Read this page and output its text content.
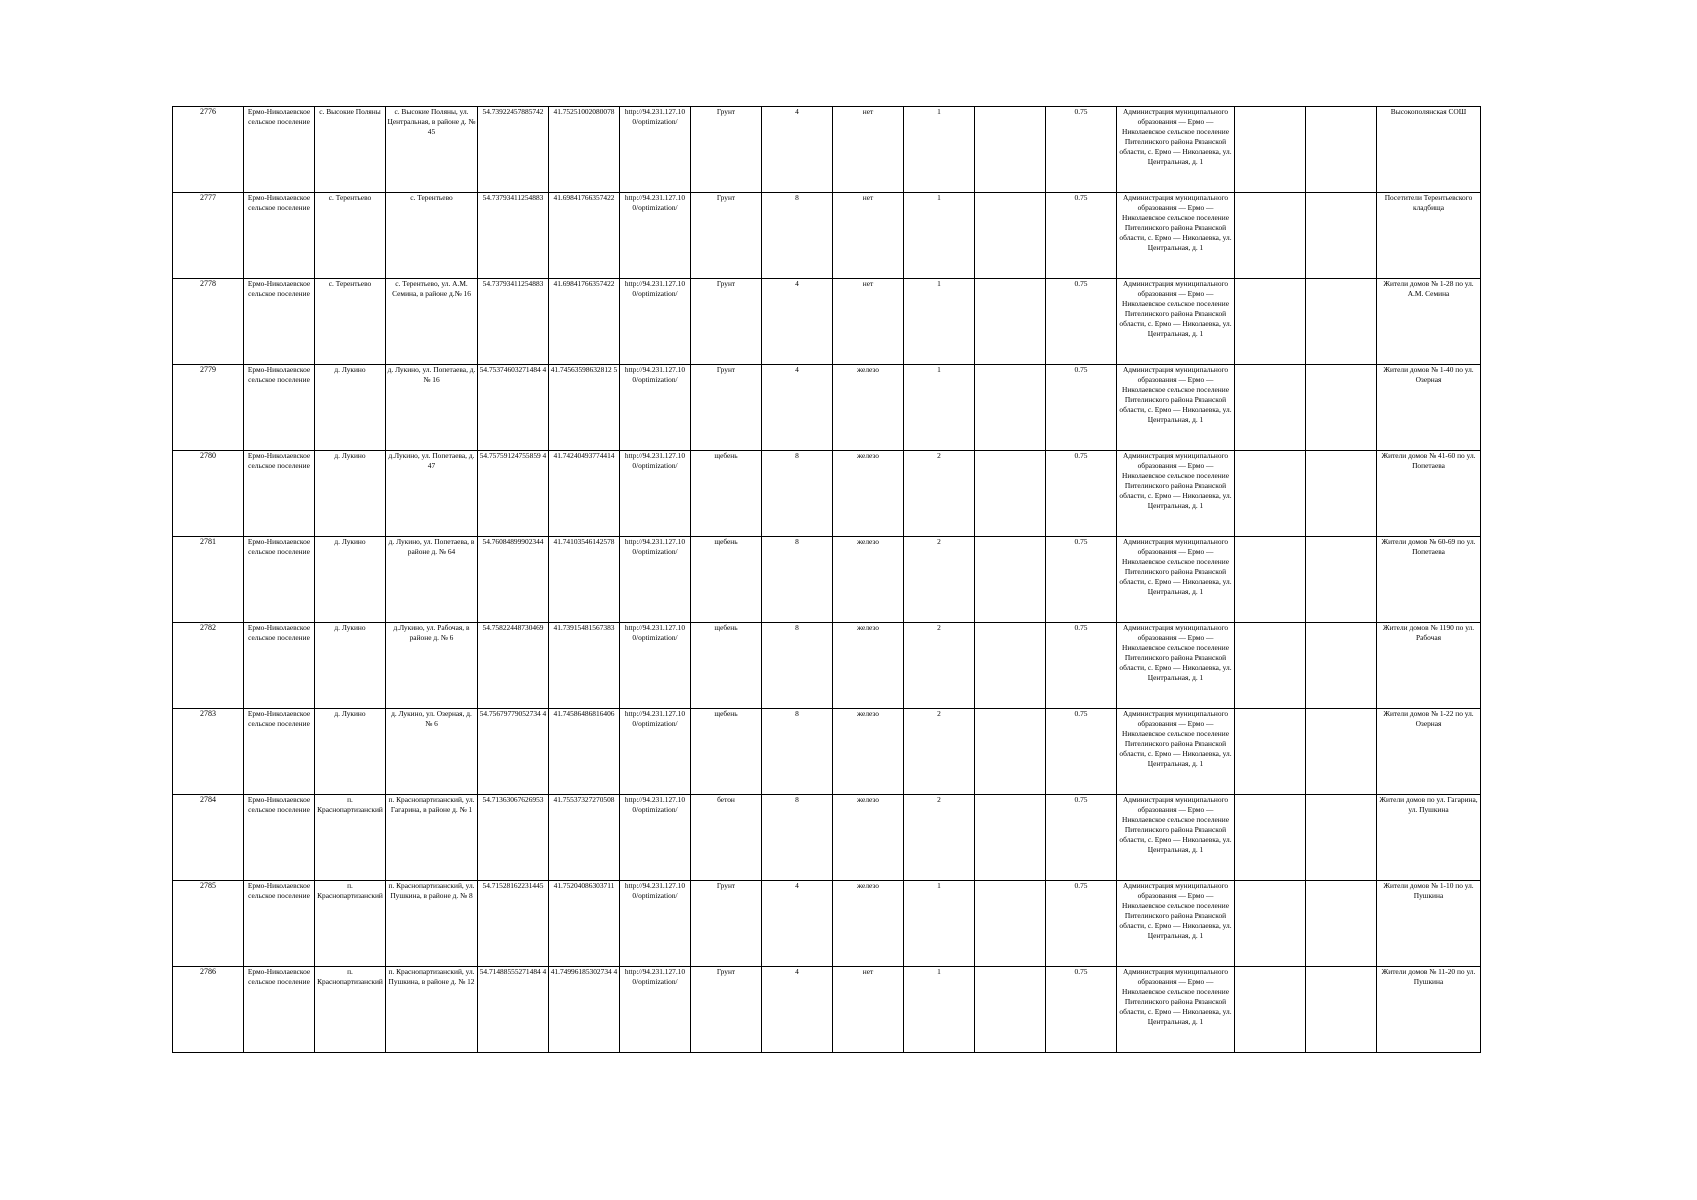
2776	Ермо-Николаевское сельское поселение	с. Высокие Поляны	с. Высокие Поляны, ул. Центральная, в районе д. № 45	54.73922457885742	41.75251002080078	http://94.231.127.10 0/optimization/	Грунт	4	нет	1		0.75	Администрация муниципального образования — Ермо — Николаевское сельское поселение Пителинского района Рязанской области, с. Ермо — Николаевка, ул. Центральная, д. 1			Высокополянская СОШ
2777	Ермо-Николаевское сельское поселение	с. Терентьево	с. Терентьево	54.73793411254883	41.69841766357422	http://94.231.127.10 0/optimization/	Грунт	8	нет	1		0.75	Администрация муниципального образования — Ермо — Николаевское сельское поселение Пителинского района Рязанской области, с. Ермо — Николаевка, ул. Центральная, д. 1			Посетители Терентьевского кладбища
2778	Ермо-Николаевское сельское поселение	с. Терентьево	с. Терентьево, ул. А.М. Семина, в районе д.№ 16	54.73793411254883	41.69841766357422	http://94.231.127.10 0/optimization/	Грунт	4	нет	1		0.75	Администрация муниципального образования — Ермо — Николаевское сельское поселение Пителинского района Рязанской области, с. Ермо — Николаевка, ул. Центральная, д. 1			Жители домов № 1-28 по ул. А.М. Семина
2779	Ермо-Николаевское сельское поселение	д. Лукино	д. Лукино, ул. Попетаева, д. № 16	54.75374603271484 4	41.74563598632812 5	http://94.231.127.10 0/optimization/	Грунт	4	железо	1		0.75	Администрация муниципального образования — Ермо — Николаевское сельское поселение Пителинского района Рязанской области, с. Ермо — Николаевка, ул. Центральная, д. 1			Жители домов № 1-40 по ул. Озерная
2780	Ермо-Николаевское сельское поселение	д. Лукино	д.Лукино, ул. Попетаева, д. 47	54.75759124755859 4	41.74240493774414	http://94.231.127.10 0/optimization/	щебень	8	железо	2		0.75	Администрация муниципального образования — Ермо — Николаевское сельское поселение Пителинского района Рязанской области, с. Ермо — Николаевка, ул. Центральная, д. 1			Жители домов № 41-60 по ул. Попетаева
2781	Ермо-Николаевское сельское поселение	д. Лукино	д. Лукино, ул. Попетаева, в районе д. № 64	54.76084899902344	41.74103546142578	http://94.231.127.10 0/optimization/	щебень	8	железо	2		0.75	Администрация муниципального образования — Ермо — Николаевское сельское поселение Пителинского района Рязанской области, с. Ермо — Николаевка, ул. Центральная, д. 1			Жители домов № 60-69 по ул. Попетаева
2782	Ермо-Николаевское сельское поселение	д. Лукино	д.Лукино, ул. Рабочая, в районе д. № 6	54.75822448730469	41.73915481567383	http://94.231.127.10 0/optimization/	щебень	8	железо	2		0.75	Администрация муниципального образования — Ермо — Николаевское сельское поселение Пителинского района Рязанской области, с. Ермо — Николаевка, ул. Центральная, д. 1			Жители домов № 1190 по ул. Рабочая
2783	Ермо-Николаевское сельское поселение	д. Лукино	д. Лукино, ул. Озерная, д. № 6	54.75679779052734 4	41.74586486816406	http://94.231.127.10 0/optimization/	щебень	8	железо	2		0.75	Администрация муниципального образования — Ермо — Николаевское сельское поселение Пителинского района Рязанской области, с. Ермо — Николаевка, ул. Центральная, д. 1			Жители домов № 1-22 по ул. Озерная
2784	Ермо-Николаевское сельское поселение	п. Краснопартизанский	п. Краснопартизанский, ул. Гагарина, в районе д. № 1	54.71363067626953	41.75537327270508	http://94.231.127.10 0/optimization/	бетон	8	железо	2		0.75	Администрация муниципального образования — Ермо — Николаевское сельское поселение Пителинского района Рязанской области, с. Ермо — Николаевка, ул. Центральная, д. 1			Жители домов по ул. Гагарина, ул. Пушкина
2785	Ермо-Николаевское сельское поселение	п. Краснопартизанский	п. Краснопартизанский, ул. Пушкина, в районе д. № 8	54.71528162231445	41.75204086303711	http://94.231.127.10 0/optimization/	Грунт	4	железо	1		0.75	Администрация муниципального образования — Ермо — Николаевское сельское поселение Пителинского района Рязанской области, с. Ермо — Николаевка, ул. Центральная, д. 1			Жители домов № 1-10 по ул. Пушкина
2786	Ермо-Николаевское сельское поселение	п. Краснопартизанский	п. Краснопартизанский, ул. Пушкина, в районе д. № 12	54.71488555271484 4	41.74996185302734 4	http://94.231.127.10 0/optimization/	Грунт	4	нет	1		0.75	Администрация муниципального образования — Ермо — Николаевское сельское поселение Пителинского района Рязанской области, с. Ермо — Николаевка, ул. Центральная, д. 1			Жители домов № 11-20 по ул. Пушкина
